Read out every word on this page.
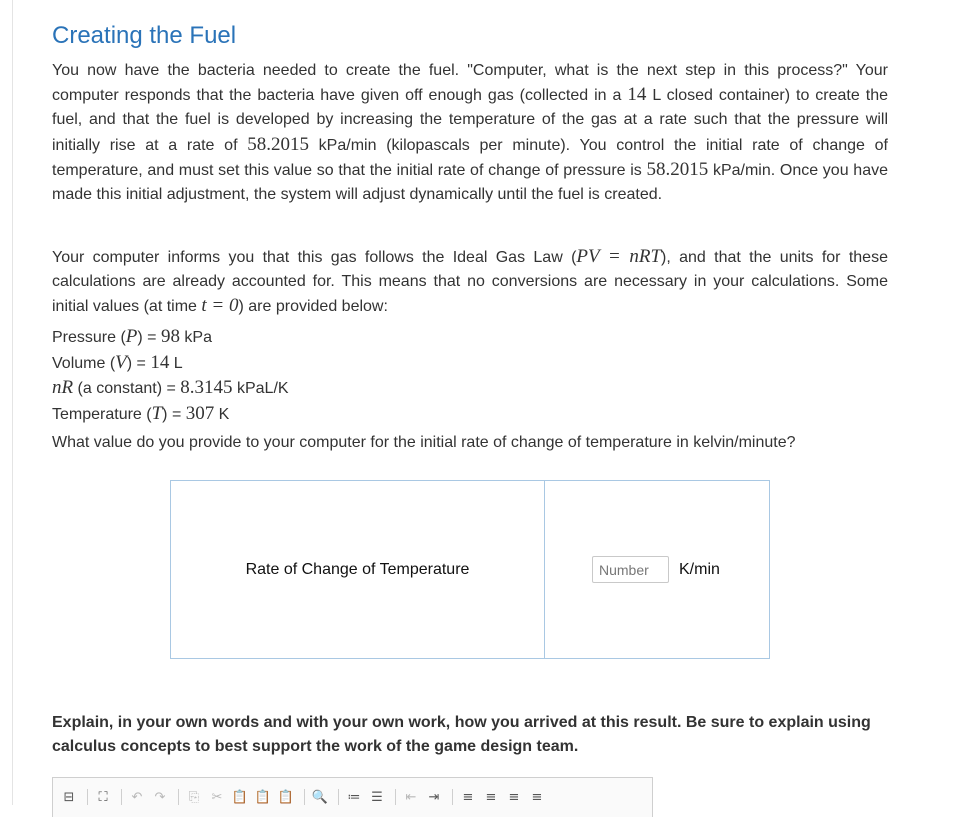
Creating the Fuel

You now have the bacteria needed to create the fuel. "Computer, what is the next step in this process?" Your computer responds that the bacteria have given off enough gas (collected in a 14 L closed container) to create the fuel, and that the fuel is developed by increasing the temperature of the gas at a rate such that the pressure will initially rise at a rate of 58.2015 kPa/min (kilopascals per minute). You control the initial rate of change of temperature, and must set this value so that the initial rate of change of pressure is 58.2015 kPa/min. Once you have made this initial adjustment, the system will adjust dynamically until the fuel is created.

Your computer informs you that this gas follows the Ideal Gas Law (PV = nRT), and that the units for these calculations are already accounted for. This means that no conversions are necessary in your calculations. Some initial values (at time t = 0) are provided below:

Pressure (P) = 98 kPa
Volume (V) = 14 L
nR (a constant) = 8.3145 kPaL/K
Temperature (T) = 307 K
What value do you provide to your computer for the initial rate of change of temperature in kelvin/minute?
Rate of Change of Temperature
Number	K/min
Explain, in your own words and with your own work, how you arrived at this result. Be sure to explain using calculus concepts to best support the work of the game design team.
⊟	⛶	↶ ↷	⎘ ✂ 📋 📋 📋 🔍 ≔ ☰	⇤ ⇥	≡ ≡ ≡ ≡
